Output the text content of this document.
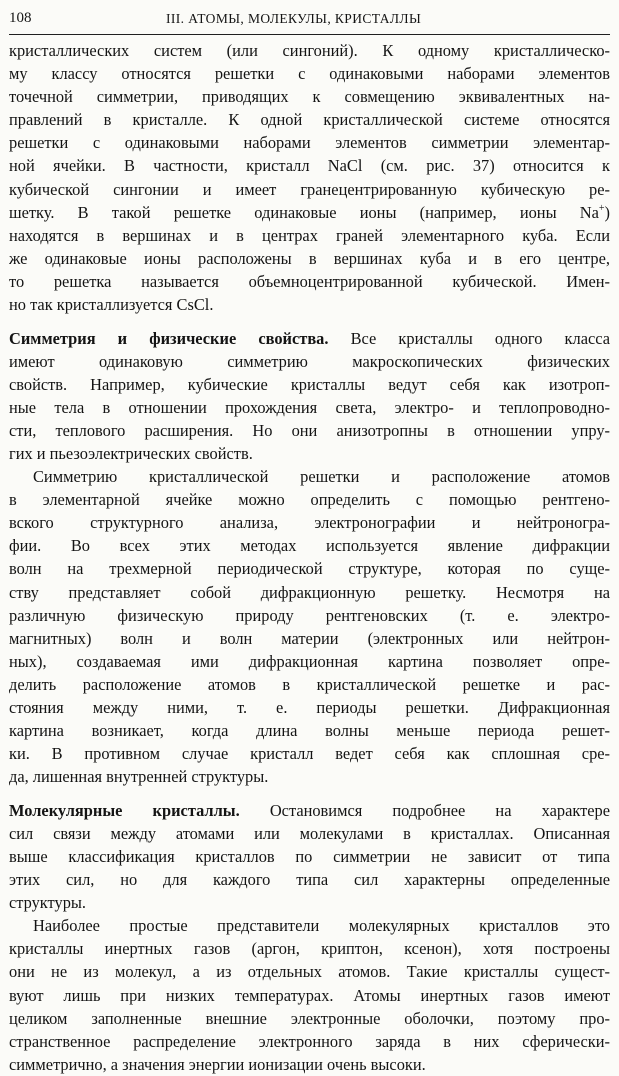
108	III. АТОМЫ, МОЛЕКУЛЫ, КРИСТАЛЛЫ
кристаллических систем (или сингоний). К одному кристаллическо-
му классу относятся решетки с одинаковыми наборами элементов
точечной симметрии, приводящих к совмещению эквивалентных на-
правлений в кристалле. К одной кристаллической системе относятся
решетки с одинаковыми наборами элементов симметрии элементар-
ной ячейки. В частности, кристалл NaCl (см. рис. 37) относится к
кубической сингонии и имеет гранецентрированную кубическую ре-
шетку. В такой решетке одинаковые ионы (например, ионы Na+)
находятся в вершинах и в центрах граней элементарного куба. Если
же одинаковые ионы расположены в вершинах куба и в его центре,
то решетка называется объемноцентрированной кубической. Имен-
но так кристаллизуется CsCl.
Симметрия и физические свойства. Все кристаллы одного класса
имеют одинаковую симметрию макроскопических физических
свойств. Например, кубические кристаллы ведут себя как изотроп-
ные тела в отношении прохождения света, электро- и теплопроводно-
сти, теплового расширения. Но они анизотропны в отношении упру-
гих и пьезоэлектрических свойств.
Симметрию кристаллической решетки и расположение атомов
в элементарной ячейке можно определить с помощью рентгено-
вского структурного анализа, электронографии и нейтроногра-
фии. Во всех этих методах используется явление дифракции
волн на трехмерной периодической структуре, которая по суще-
ству представляет собой дифракционную решетку. Несмотря на
различную физическую природу рентгеновских (т. е. электро-
магнитных) волн и волн материи (электронных или нейтрон-
ных), создаваемая ими дифракционная картина позволяет опре-
делить расположение атомов в кристаллической решетке и рас-
стояния между ними, т. е. периоды решетки. Дифракционная
картина возникает, когда длина волны меньше периода решет-
ки. В противном случае кристалл ведет себя как сплошная сре-
да, лишенная внутренней структуры.
Молекулярные кристаллы. Остановимся подробнее на характере
сил связи между атомами или молекулами в кристаллах. Описанная
выше классификация кристаллов по симметрии не зависит от типа
этих сил, но для каждого типа сил характерны определенные
структуры.
Наиболее простые представители молекулярных кристаллов это
кристаллы инертных газов (аргон, криптон, ксенон), хотя построены
они не из молекул, а из отдельных атомов. Такие кристаллы сущест-
вуют лишь при низких температурах. Атомы инертных газов имеют
целиком заполненные внешние электронные оболочки, поэтому про-
странственное распределение электронного заряда в них сферически-
симметрично, а значения энергии ионизации очень высоки.
